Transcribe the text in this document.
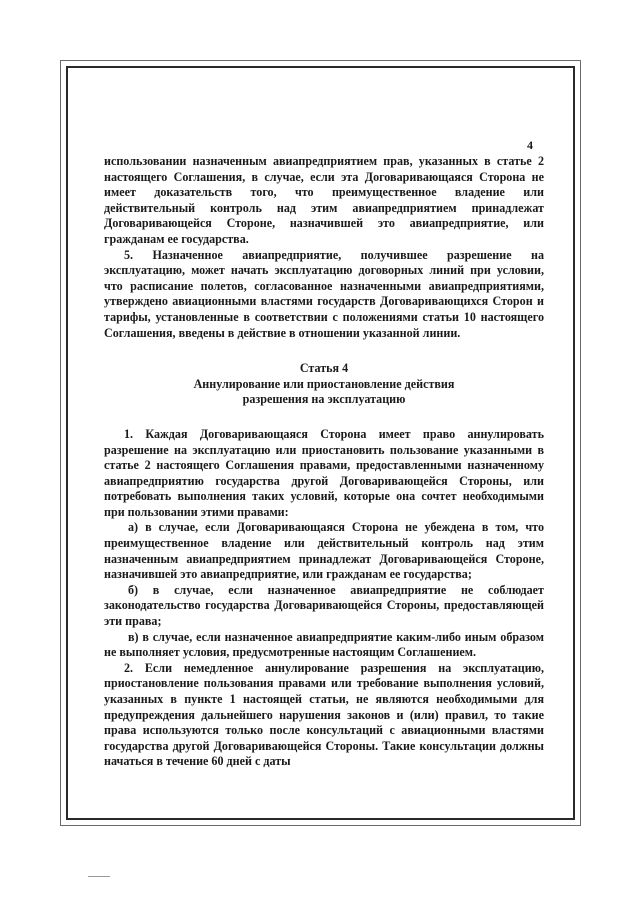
4

использовании назначенным авиапредприятием прав, указанных в статье 2 настоящего Соглашения, в случае, если эта Договаривающаяся Сторона не имеет доказательств того, что преимущественное владение или действительный контроль над этим авиапредприятием принадлежат Договаривающейся Стороне, назначившей это авиапредприятие, или гражданам ее государства.

5. Назначенное авиапредприятие, получившее разрешение на эксплуатацию, может начать эксплуатацию договорных линий при условии, что расписание полетов, согласованное назначенными авиапредприятиями, утверждено авиационными властями государств Договаривающихся Сторон и тарифы, установленные в соответствии с положениями статьи 10 настоящего Соглашения, введены в действие в отношении указанной линии.

Статья 4
Аннулирование или приостановление действия
разрешения на эксплуатацию

1. Каждая Договаривающаяся Сторона имеет право аннулировать разрешение на эксплуатацию или приостановить пользование указанными в статье 2 настоящего Соглашения правами, предоставленными назначенному авиапредприятию государства другой Договаривающейся Стороны, или потребовать выполнения таких условий, которые она сочтет необходимыми при пользовании этими правами:

а) в случае, если Договаривающаяся Сторона не убеждена в том, что преимущественное владение или действительный контроль над этим назначенным авиапредприятием принадлежат Договаривающейся Стороне, назначившей это авиапредприятие, или гражданам ее государства;

б) в случае, если назначенное авиапредприятие не соблюдает законодательство государства Договаривающейся Стороны, предоставляющей эти права;

в) в случае, если назначенное авиапредприятие каким-либо иным образом не выполняет условия, предусмотренные настоящим Соглашением.

2. Если немедленное аннулирование разрешения на эксплуатацию, приостановление пользования правами или требование выполнения условий, указанных в пункте 1 настоящей статьи, не являются необходимыми для предупреждения дальнейшего нарушения законов и (или) правил, то такие права используются только после консультаций с авиационными властями государства другой Договаривающейся Стороны. Такие консультации должны начаться в течение 60 дней с даты
